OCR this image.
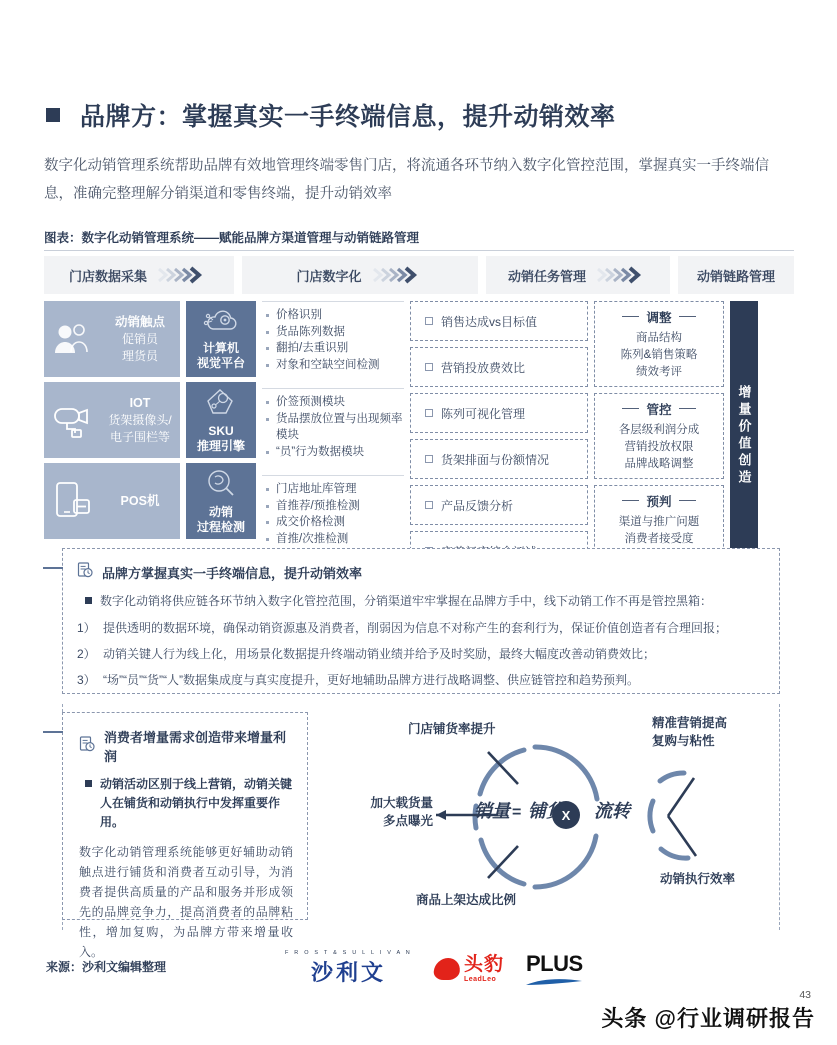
品牌方：掌握真实一手终端信息，提升动销效率
数字化动销管理系统帮助品牌有效地管理终端零售门店，将流通各环节纳入数字化管控范围，掌握真实一手终端信息，准确完整理解分销渠道和零售终端，提升动销效率
图表：数字化动销管理系统——赋能品牌方渠道管理与动销链路管理
门店数据采集	门店数字化	动销任务管理	动销链路管理
动销触点
促销员
理货员
IOT
货架摄像头/
电子围栏等
POS机
计算机
视觉平台
SKU
推理引擎
动销
过程检测
价格识别
货品陈列数据
翻拍/去重识别
对象和空缺空间检测
价签预测模块
货品摆放位置与出现频率模块
“员”行为数据模块
门店地址库管理
首推荐/预推检测
成交价格检测
首推/次推检测
销售达成vs目标值
营销投放费效比
陈列可视化管理
货架排面与份额情况
产品反馈分析
调整
商品结构
陈列&销售策略
绩效考评
管控
各层级利润分成
营销投放权限
品牌战略调整
预判
渠道与推广问题
消费者接受度
增量价值创造
品牌方掌握真实一手终端信息，提升动销效率
数字化动销将供应链各环节纳入数字化管控范围，分销渠道牢牢掌握在品牌方手中，线下动销工作不再是管控黑箱：
1） 提供透明的数据环境，确保动销资源惠及消费者，削弱因为信息不对称产生的套利行为，保证价值创造者有合理回报；
2） 动销关键人行为线上化，用场景化数据提升终端动销业绩并给予及时奖励，最终大幅度改善动销费效比；
3） “场”“员”“货”“人”数据集成度与真实度提升，更好地辅助品牌方进行战略调整、供应链管控和趋势预判。
消费者增量需求创造带来增量利润
动销活动区别于线上营销，动销关键人在铺货和动销执行中发挥重要作用。
数字化动销管理系统能够更好辅助动销触点进行铺货和消费者互动引导，为消费者提供高质量的产品和服务并形成领先的品牌竞争力，提高消费者的品牌粘性，增加复购，为品牌方带来增量收入。
X
销量 = 铺货 流转
门店铺货率提升
加大载货量
多点曝光
商品上架达成比例
精准营销提高
复购与粘性
动销执行效率
来源：沙利文编辑整理
F R O S T & S U L L I V A N
沙利文	头豹
LeadLeo
PLUS
43
头条 @行业调研报告
